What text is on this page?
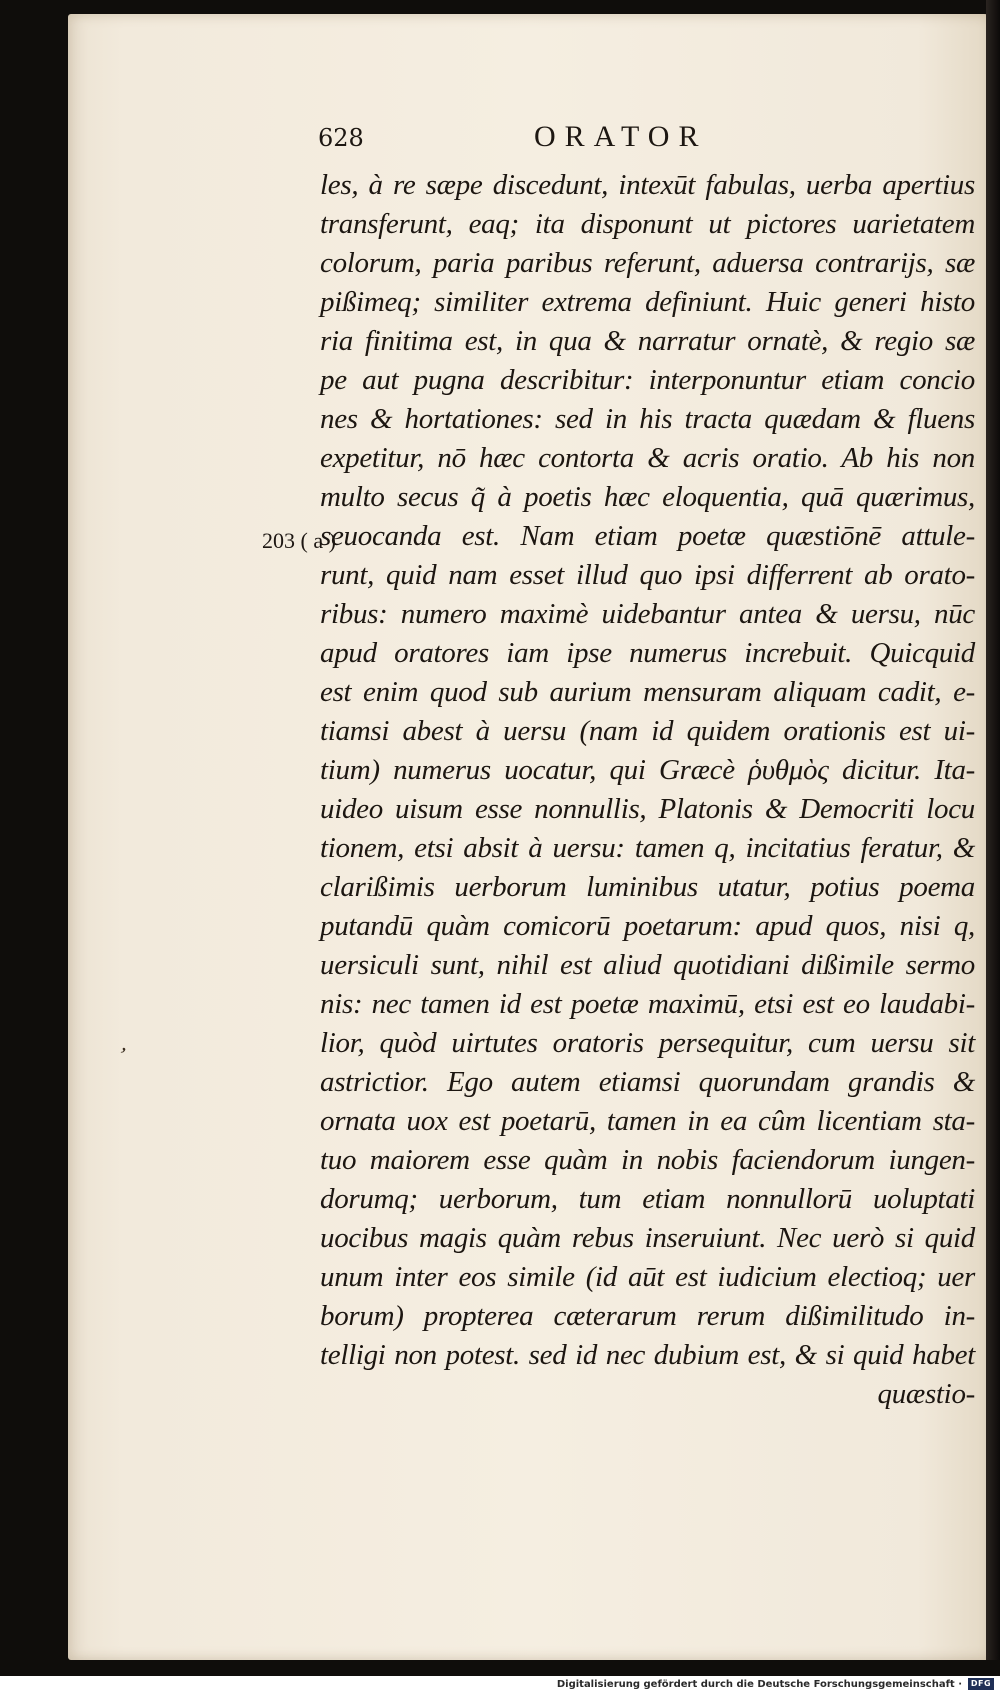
628	ORATOR
203 ( a )
’
les, à re sæpe discedunt, intexūt fabulas, uerba apertius
transferunt, eaq; ita disponunt ut pictores uarietatem
colorum, paria paribus referunt, aduersa contrarijs, sæ
pißimeq; similiter extrema definiunt. Huic generi histo
ria finitima est, in qua & narratur ornatè, & regio sæ
pe aut pugna describitur: interponuntur etiam concio
nes & hortationes: sed in his tracta quædam & fluens
expetitur, nō hæc contorta & acris oratio. Ab his non
multo secus q̃ à poetis hæc eloquentia, quā quærimus,
seuocanda est. Nam etiam poetæ quæstiōnē attule-
runt, quid nam esset illud quo ipsi differrent ab orato-
ribus: numero maximè uidebantur antea & uersu, nūc
apud oratores iam ipse numerus increbuit. Quicquid
est enim quod sub aurium mensuram aliquam cadit, e-
tiamsi abest à uersu (nam id quidem orationis est ui-
tium) numerus uocatur, qui Græcè ῥυθμὸς dicitur. Ita-
uideo uisum esse nonnullis, Platonis & Democriti locu
tionem, etsi absit à uersu: tamen q, incitatius feratur, &
clarißimis uerborum luminibus utatur, potius poema
putandū quàm comicorū poetarum: apud quos, nisi q,
uersiculi sunt, nihil est aliud quotidiani dißimile sermo
nis: nec tamen id est poetæ maximū, etsi est eo laudabi-
lior, quòd uirtutes oratoris persequitur, cum uersu sit
astrictior. Ego autem etiamsi quorundam grandis &
ornata uox est poetarū, tamen in ea cûm licentiam sta-
tuo maiorem esse quàm in nobis faciendorum iungen-
dorumq; uerborum, tum etiam nonnullorū uoluptati
uocibus magis quàm rebus inseruiunt. Nec uerò si quid
unum inter eos simile (id aūt est iudicium electioq; uer
borum) propterea cæterarum rerum dißimilitudo in-
telligi non potest. sed id nec dubium est, & si quid habet
quæstio-
Digitalisierung gefördert durch die Deutsche Forschungsgemeinschaft ·	DFG
